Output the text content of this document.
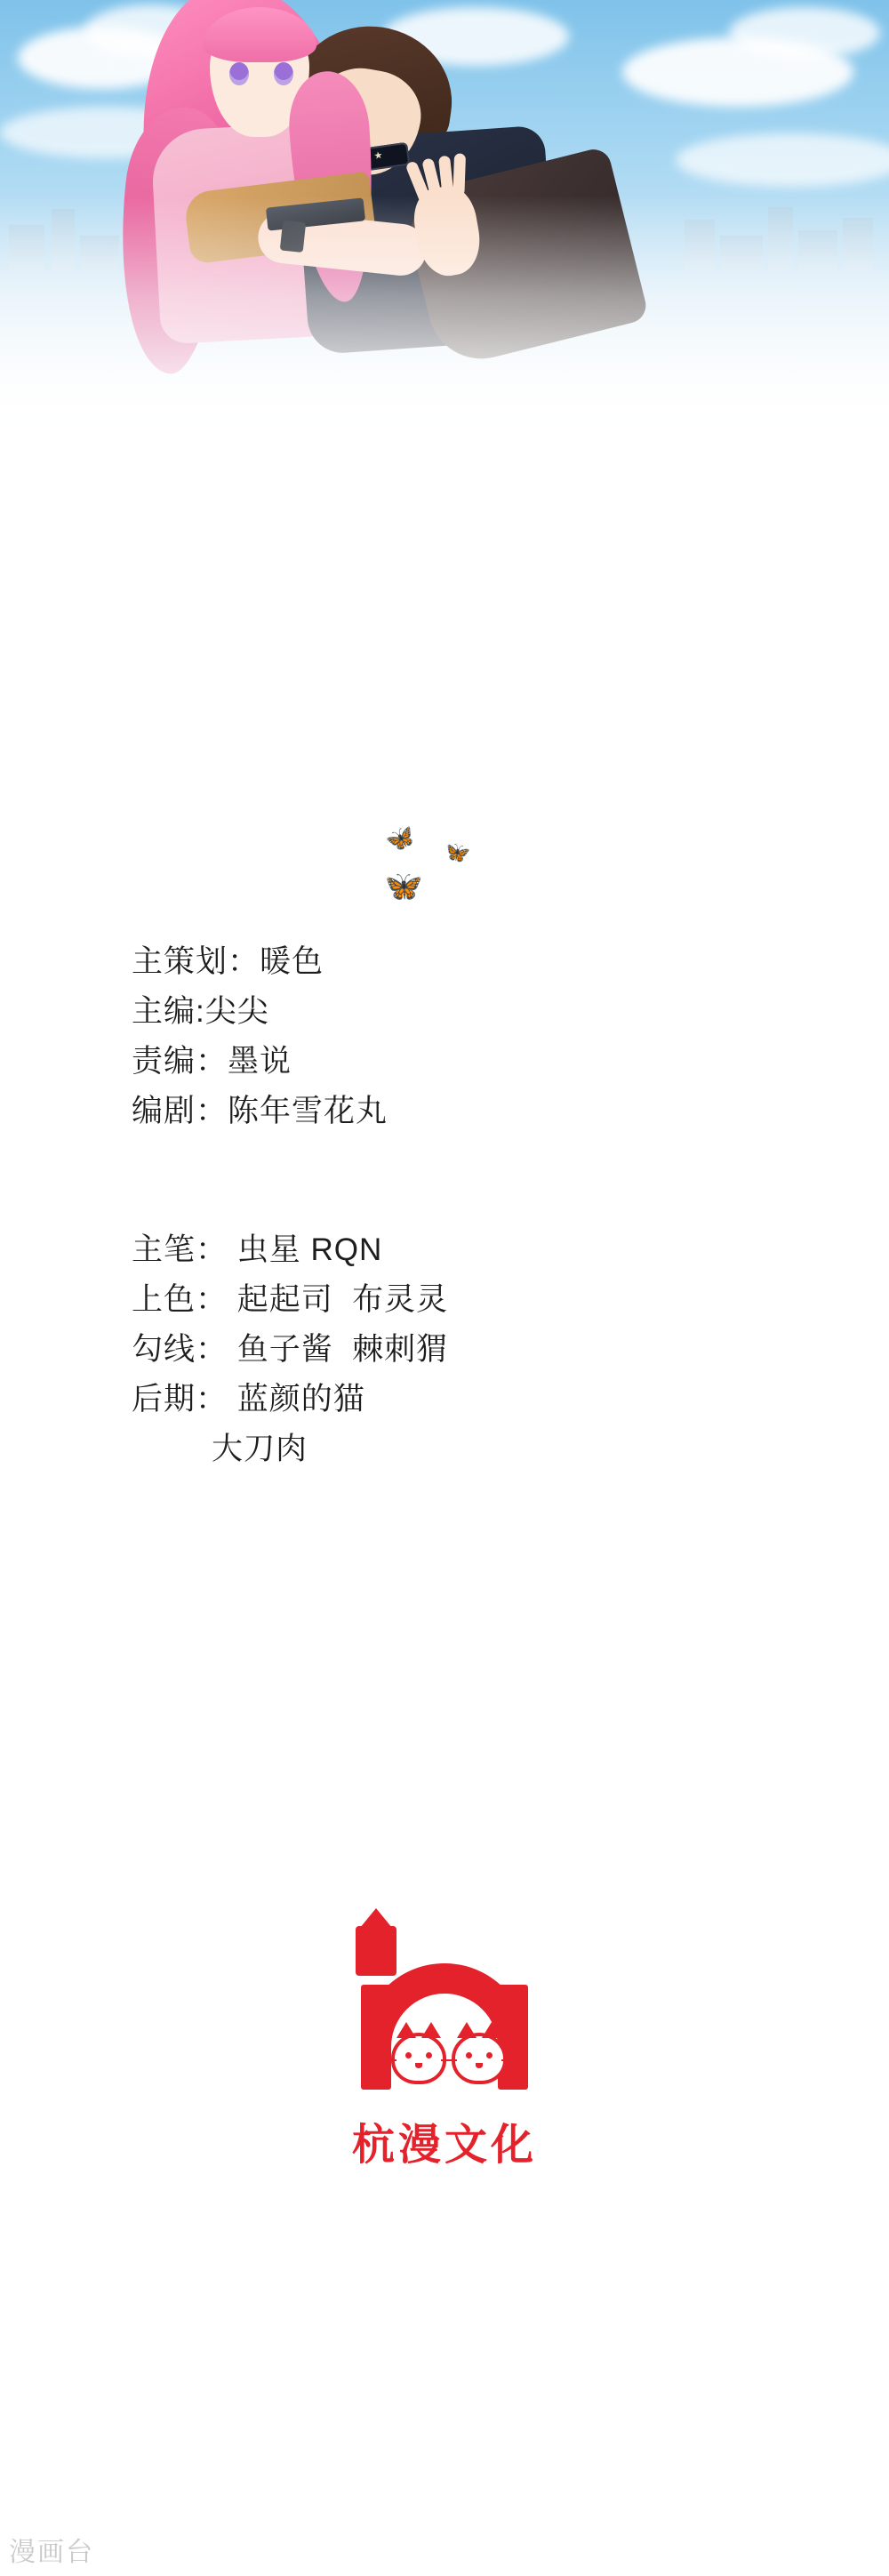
★ ★
🦋
🦋
🦋
主策划：暖色
主编:尖尖
责编：墨说
编剧：陈年雪花丸
主笔： 虫星 RQN
上色： 起起司  布灵灵
勾线： 鱼子酱  棘刺猬
后期： 蓝颜的猫
大刀肉
杭漫文化
漫画台
